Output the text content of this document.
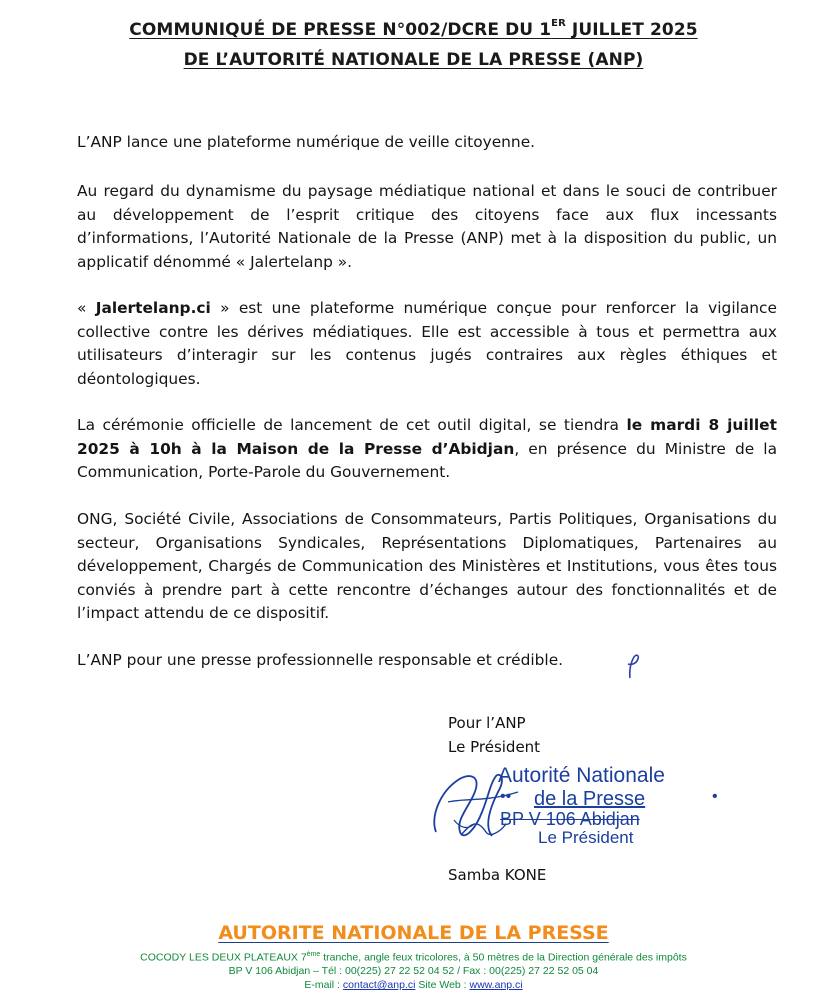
COMMUNIQUÉ DE PRESSE N°002/DCRE DU 1ER JUILLET 2025
DE L’AUTORITÉ NATIONALE DE LA PRESSE (ANP)
L’ANP lance une plateforme numérique de veille citoyenne.
Au regard du dynamisme du paysage médiatique national et dans le souci de contribuer au développement de l’esprit critique des citoyens face aux flux incessants d’informations, l’Autorité Nationale de la Presse (ANP) met à la disposition du public, un applicatif dénommé « Jalertelanp ».
« Jalertelanp.ci » est une plateforme numérique conçue pour renforcer la vigilance collective contre les dérives médiatiques. Elle est accessible à tous et permettra aux utilisateurs d’interagir sur les contenus jugés contraires aux règles éthiques et déontologiques.
La cérémonie officielle de lancement de cet outil digital, se tiendra le mardi 8 juillet 2025 à 10h à la Maison de la Presse d’Abidjan, en présence du Ministre de la Communication, Porte-Parole du Gouvernement.
ONG, Société Civile, Associations de Consommateurs, Partis Politiques, Organisations du secteur, Organisations Syndicales, Représentations Diplomatiques, Partenaires au développement, Chargés de Communication des Ministères et Institutions, vous êtes tous conviés à prendre part à cette rencontre d’échanges autour des fonctionnalités et de l’impact attendu de ce dispositif.
L’ANP pour une presse professionnelle responsable et crédible.
Pour l’ANP
Le Président
Autorité Nationale
de la Presse
BP V 106 Abidjan
Le Président
••	•
Samba KONE
AUTORITE NATIONALE DE LA PRESSE
COCODY LES DEUX PLATEAUX 7ème tranche, angle feux tricolores, à 50 mètres de la Direction générale des impôts
BP V 106 Abidjan – Tél : 00(225) 27 22 52 04 52 / Fax : 00(225) 27 22 52 05 04
E-mail : contact@anp.ci Site Web : www.anp.ci
